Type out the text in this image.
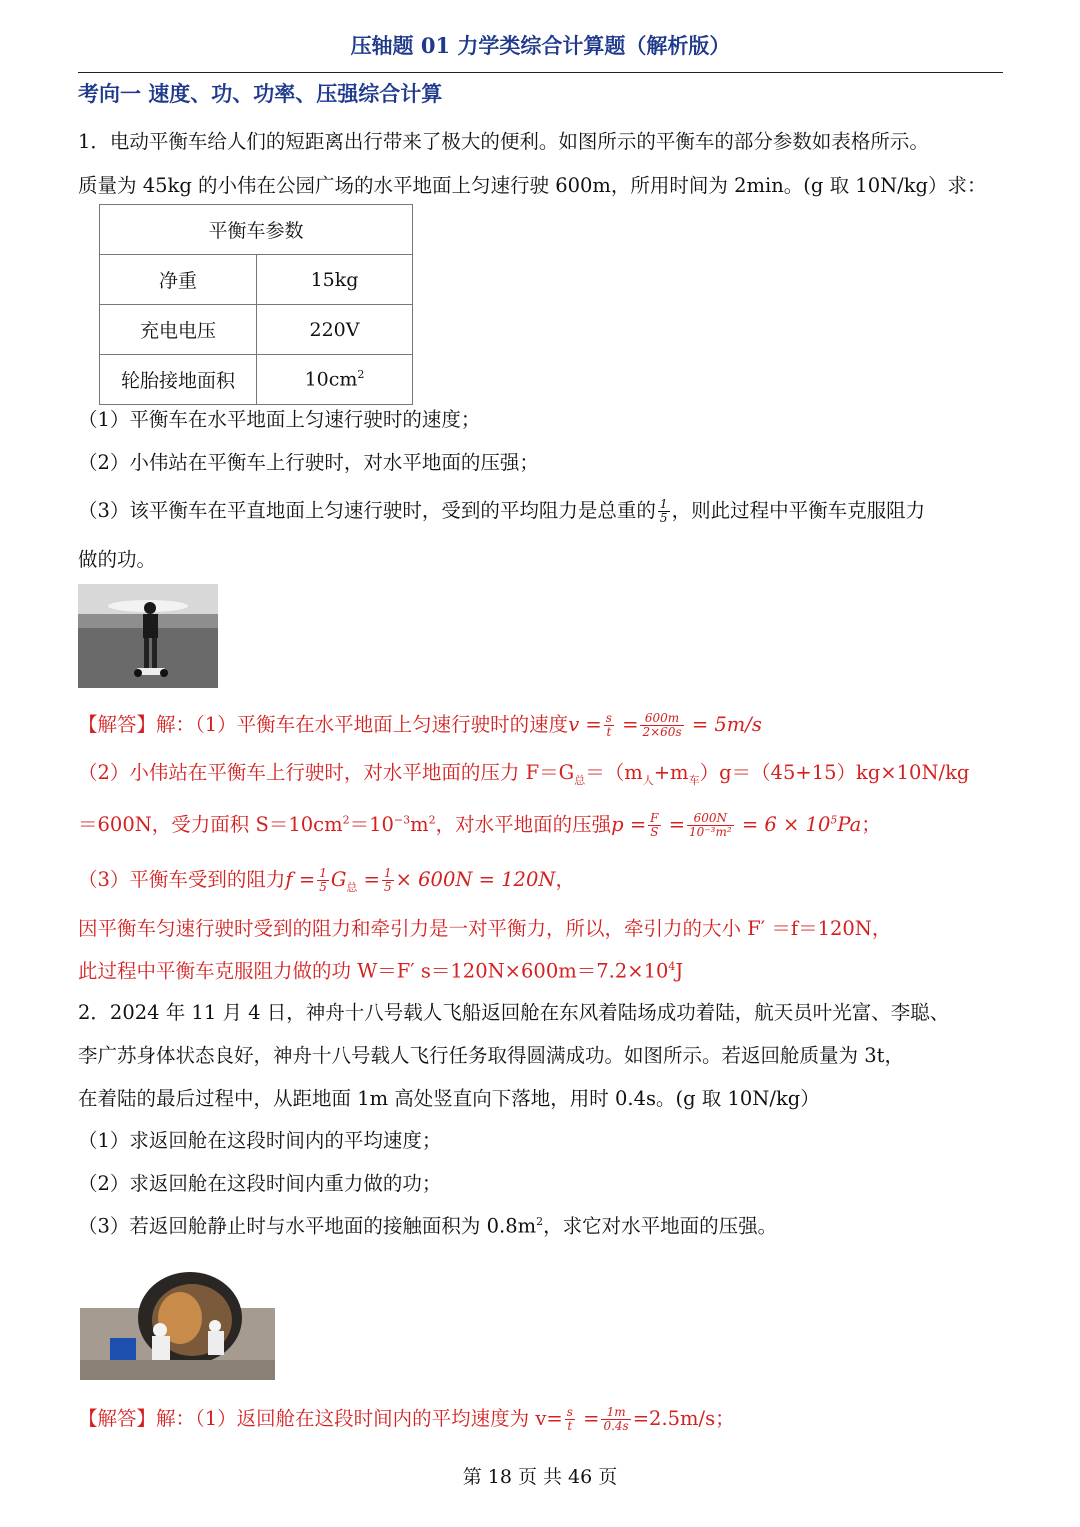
压轴题 01 力学类综合计算题（解析版）
考向一 速度、功、功率、压强综合计算
1．电动平衡车给人们的短距离出行带来了极大的便利。如图所示的平衡车的部分参数如表格所示。
质量为 45kg 的小伟在公园广场的水平地面上匀速行驶 600m，所用时间为 2min。(g 取 10N/kg）求：
平衡车参数	
净重	15kg
充电电压	220V
轮胎接地面积	$10cm^2$
（1）平衡车在水平地面上匀速行驶时的速度；
（2）小伟站在平衡车上行驶时，对水平地面的压强；
（3）该平衡车在平直地面上匀速行驶时，受到的平均阻力是总重的 $\frac{1}{5}$ ，则此过程中平衡车克服阻力
做的功。
【解答】解：（1）平衡车在水平地面上匀速行驶时的速度$v = \frac{s}{t} = \frac{600m}{2\times 60s} = 5m/s$
（2）小伟站在平衡车上行驶时，对水平地面的压力 $F=G_总=(m_人+m_车)g=(45+15)kg\times 10N/kg$
＝600N，受力面积 $S=10cm^2=10^{-3}m^2$，对水平地面的压强$p = \frac{F}{S} = \frac{600N}{\text{10⁻³m²}} = 6 \times 10^5Pa$；
（3）平衡车受到的阻力$f = \frac{1}{5} G_总 = \frac{1}{5} \times 600N = 120N$，
因平衡车匀速行驶时受到的阻力和牵引力是一对平衡力，所以，牵引力的大小 F′ ＝f＝120N，
此过程中平衡车克服阻力做的功 W＝F′ $s=120N\times 600m=7.2\times 10^4J$
2．2024 年 11 月 4 日，神舟十八号载人飞船返回舱在东风着陆场成功着陆，航天员叶光富、李聪、
李广苏身体状态良好，神舟十八号载人飞行任务取得圆满成功。如图所示。若返回舱质量为 3t，
在着陆的最后过程中，从距地面 1m 高处竖直向下落地，用时 0.4s。(g 取 10N/kg）
（1）求返回舱在这段时间内的平均速度；
（2）求返回舱在这段时间内重力做的功；
（3）若返回舱静止时与水平地面的接触面积为 $0.8m^2$，求它对水平地面的压强。
【解答】解：（1）返回舱在这段时间内的平均速度为 $v= \frac{s}{t} = \frac{1m}{0.4s} =2.5m/s$；
第 18 页 共 46 页
